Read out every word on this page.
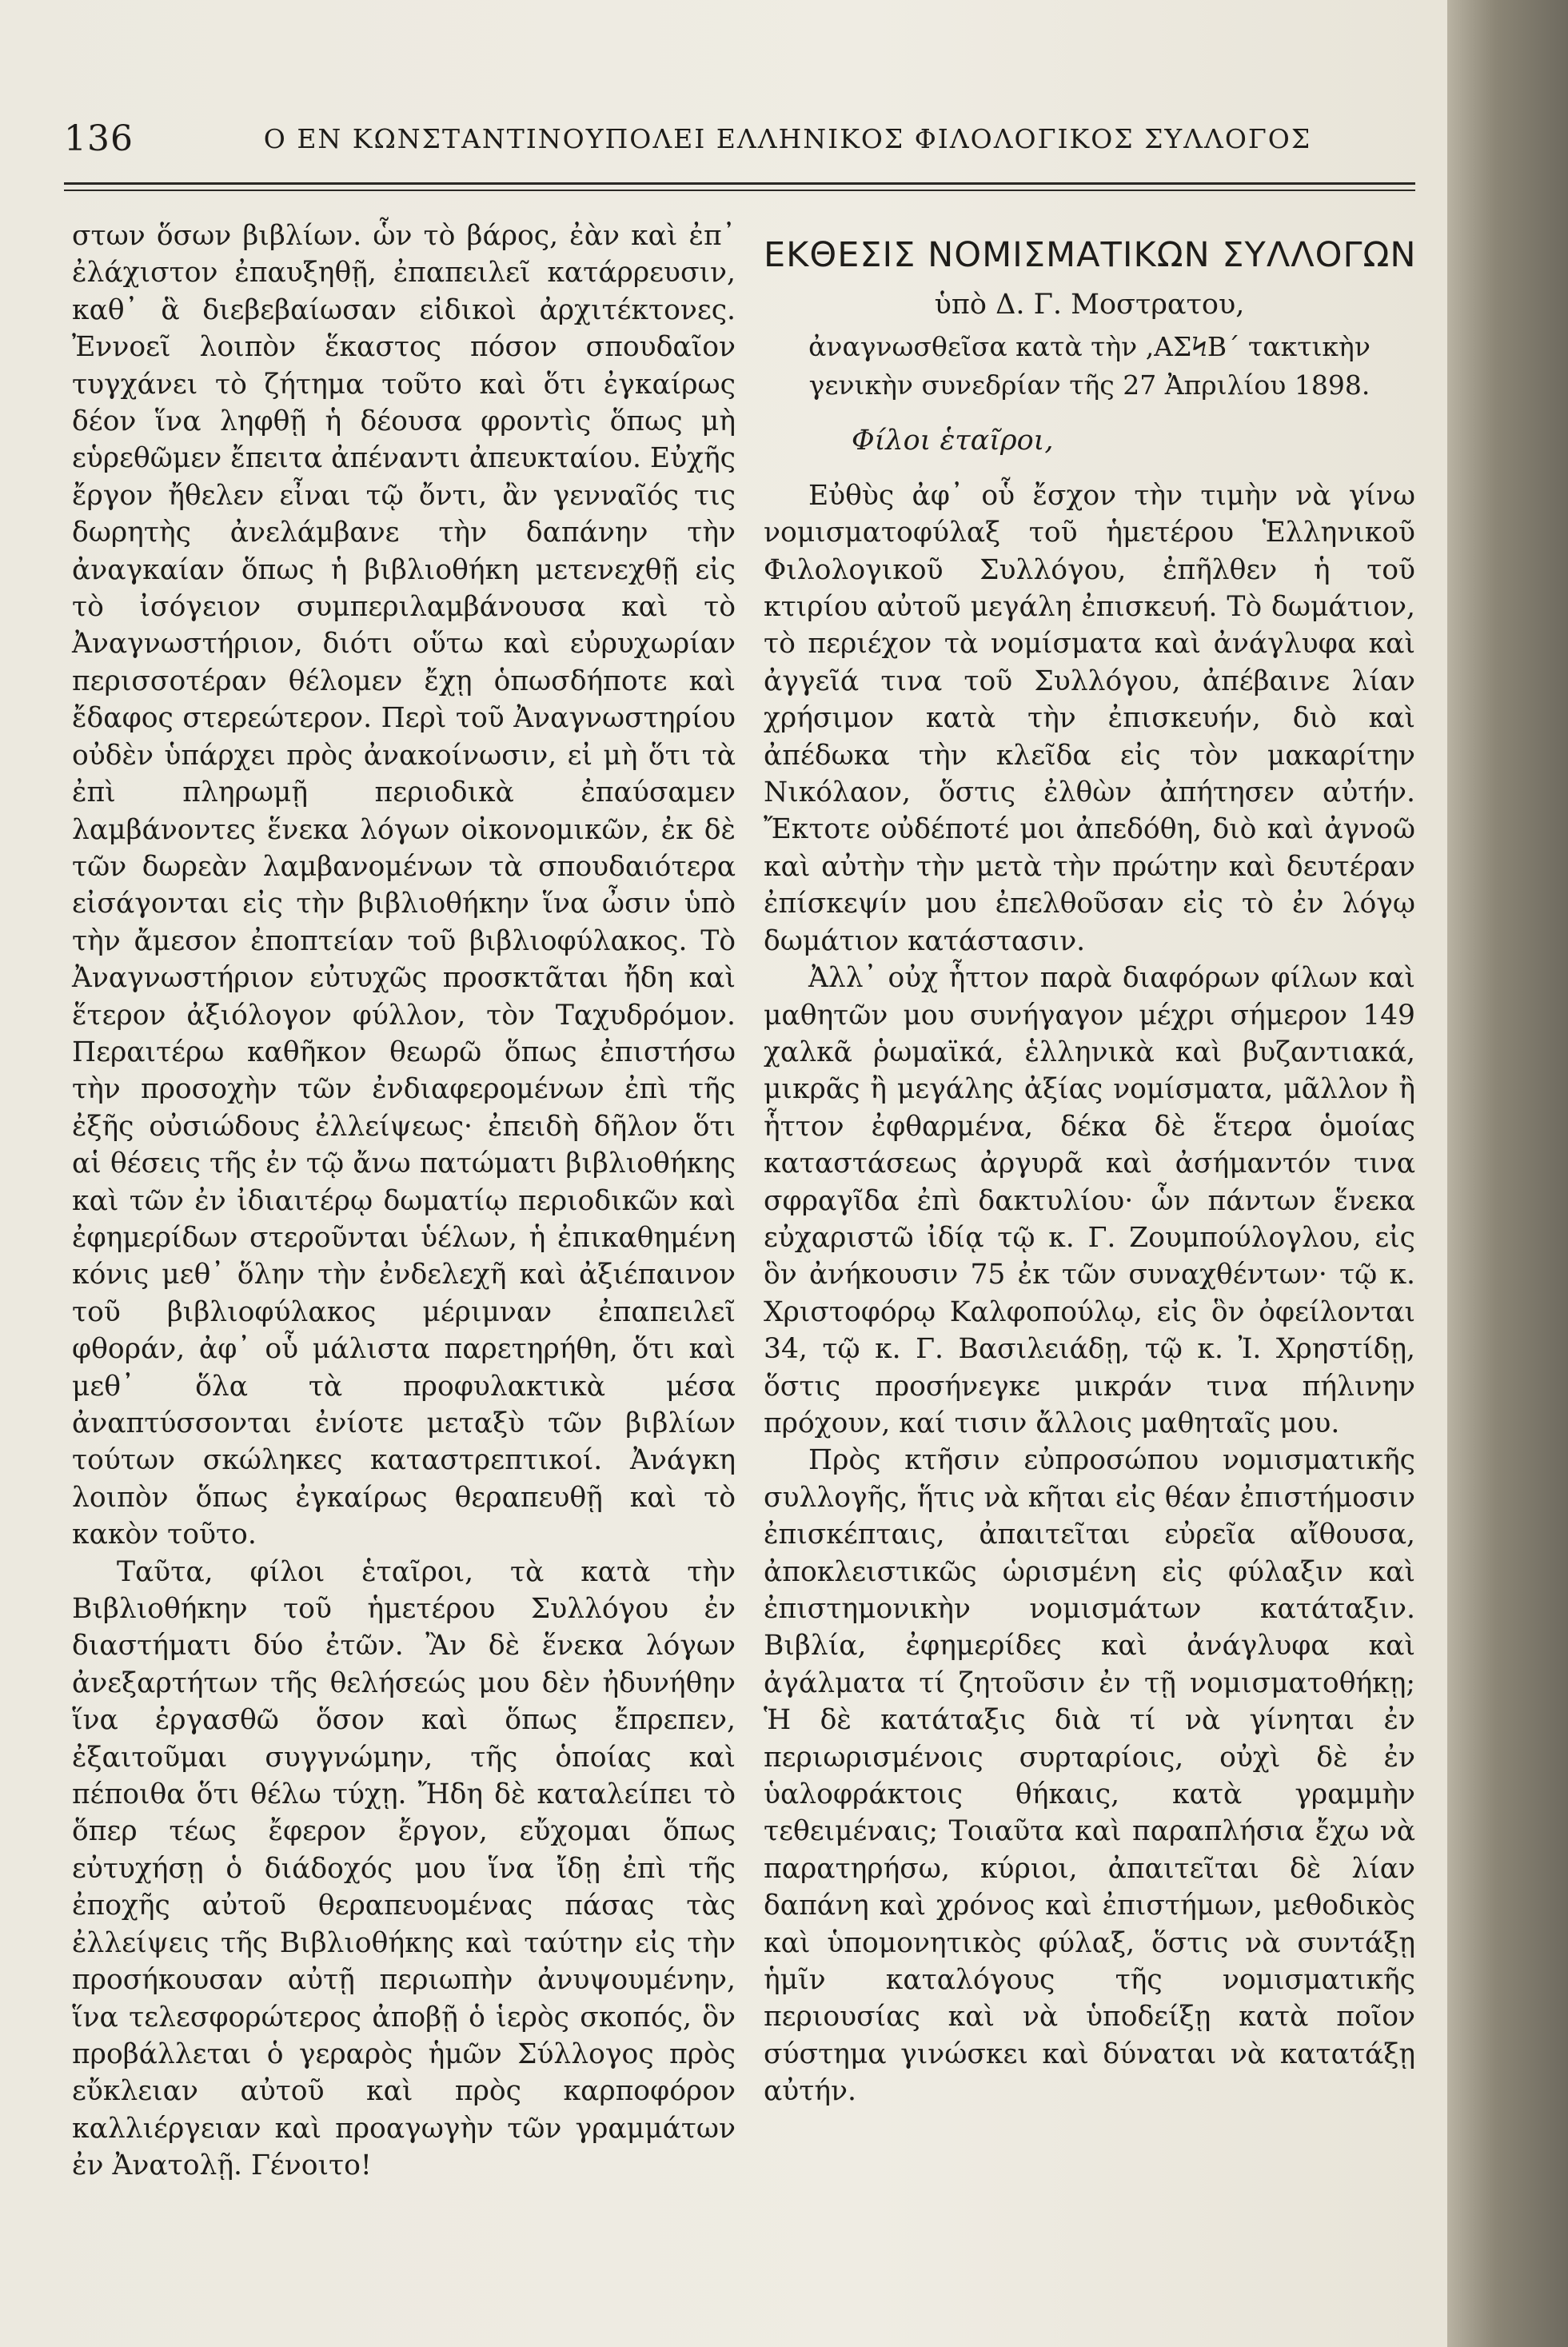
136	Ο ΕΝ ΚΩΝΣΤΑΝΤΙΝΟΥΠΟΛΕΙ ΕΛΛΗΝΙΚΟΣ ΦΙΛΟΛΟΓΙΚΟΣ ΣΥΛΛΟΓΟΣ

στων ὅσων βιβλίων. ὧν τὸ βάρος, ἐὰν καὶ ἐπ᾿ ἐλάχιστον ἐπαυξηθῇ, ἐπαπειλεῖ κατάρρευσιν, καθ᾿ ἃ διεβεβαίωσαν εἰδικοὶ ἀρχιτέκτονες. Ἐννοεῖ λοιπὸν ἕκαστος πόσον σπουδαῖον τυγχάνει τὸ ζήτημα τοῦτο καὶ ὅτι ἐγκαίρως δέον ἵνα ληφθῇ ἡ δέουσα φροντὶς ὅπως μὴ εὑρεθῶμεν ἔπειτα ἀπέναντι ἀπευκταίου. Εὐχῆς ἔργον ἤθελεν εἶναι τῷ ὄντι, ἂν γενναῖός τις δωρητὴς ἀνελάμβανε τὴν δαπάνην τὴν ἀναγκαίαν ὅπως ἡ βιβλιοθήκη μετενεχθῇ εἰς τὸ ἰσόγειον συμπεριλαμβάνουσα καὶ τὸ Ἀναγνωστήριον, διότι οὕτω καὶ εὐρυχωρίαν περισσοτέραν θέλομεν ἔχῃ ὁπωσδήποτε καὶ ἔδαφος στερεώτερον. Περὶ τοῦ Ἀναγνωστηρίου οὐδὲν ὑπάρχει πρὸς ἀνακοίνωσιν, εἰ μὴ ὅτι τὰ ἐπὶ πληρωμῇ περιοδικὰ ἐπαύσαμεν λαμβάνοντες ἕνεκα λόγων οἰκονομικῶν, ἐκ δὲ τῶν δωρεὰν λαμβανομένων τὰ σπουδαιότερα εἰσάγονται εἰς τὴν βιβλιοθήκην ἵνα ὦσιν ὑπὸ τὴν ἄμεσον ἐποπτείαν τοῦ βιβλιοφύλακος. Τὸ Ἀναγνωστήριον εὐτυχῶς προσκτᾶται ἤδη καὶ ἕτερον ἀξιόλογον φύλλον, τὸν Ταχυδρόμον. Περαιτέρω καθῆκον θεωρῶ ὅπως ἐπιστήσω τὴν προσοχὴν τῶν ἐνδιαφερομένων ἐπὶ τῆς ἐξῆς οὐσιώδους ἐλλείψεως· ἐπειδὴ δῆλον ὅτι αἱ θέσεις τῆς ἐν τῷ ἄνω πατώματι βιβλιοθήκης καὶ τῶν ἐν ἰδιαιτέρῳ δωματίῳ περιοδικῶν καὶ ἐφημερίδων στεροῦνται ὑέλων, ἡ ἐπικαθημένη κόνις μεθ᾿ ὅλην τὴν ἐνδελεχῆ καὶ ἀξιέπαινον τοῦ βιβλιοφύλακος μέριμναν ἐπαπειλεῖ φθοράν, ἀφ᾿ οὗ μάλιστα παρετηρήθη, ὅτι καὶ μεθ᾿ ὅλα τὰ προφυλακτικὰ μέσα ἀναπτύσσονται ἐνίοτε μεταξὺ τῶν βιβλίων τούτων σκώληκες καταστρεπτικοί. Ἀνάγκη λοιπὸν ὅπως ἐγκαίρως θεραπευθῇ καὶ τὸ κακὸν τοῦτο.

Ταῦτα, φίλοι ἑταῖροι, τὰ κατὰ τὴν Βιβλιοθήκην τοῦ ἡμετέρου Συλλόγου ἐν διαστήματι δύο ἐτῶν. Ἂν δὲ ἕνεκα λόγων ἀνεξαρτήτων τῆς θελήσεώς μου δὲν ἠδυνήθην ἵνα ἐργασθῶ ὅσον καὶ ὅπως ἔπρεπεν, ἐξαιτοῦμαι συγγνώμην, τῆς ὁποίας καὶ πέποιθα ὅτι θέλω τύχῃ. Ἤδη δὲ καταλείπει τὸ ὅπερ τέως ἔφερον ἔργον, εὔχομαι ὅπως εὐτυχήσῃ ὁ διάδοχός μου ἵνα ἴδῃ ἐπὶ τῆς ἐποχῆς αὐτοῦ θεραπευομένας πάσας τὰς ἐλλείψεις τῆς Βιβλιοθήκης καὶ ταύτην εἰς τὴν προσήκουσαν αὐτῇ περιωπὴν ἀνυψουμένην, ἵνα τελεσφορώτερος ἀποβῇ ὁ ἱερὸς σκοπός, ὃν προβάλλεται ὁ γεραρὸς ἡμῶν Σύλλογος πρὸς εὔκλειαν αὐτοῦ καὶ πρὸς καρποφόρον καλλιέργειαν καὶ προαγωγὴν τῶν γραμμάτων ἐν Ἀνατολῇ. Γένοιτο!

ΕΚΘΕΣΙΣ ΝΟΜΙΣΜΑΤΙΚΩΝ ΣΥΛΛΟΓΩΝ
ὑπὸ Δ. Γ. Μοστρατου,
ἀναγνωσθεῖσα κατὰ τὴν ,ΑΣϞΒ´ τακτικὴν γενικὴν συνεδρίαν τῆς 27 Ἀπριλίου 1898.
Φίλοι ἑταῖροι,

Εὐθὺς ἀφ᾿ οὗ ἔσχον τὴν τιμὴν νὰ γίνω νομισματοφύλαξ τοῦ ἡμετέρου Ἑλληνικοῦ Φιλολογικοῦ Συλλόγου, ἐπῆλθεν ἡ τοῦ κτιρίου αὐτοῦ μεγάλη ἐπισκευή. Τὸ δωμάτιον, τὸ περιέχον τὰ νομίσματα καὶ ἀνάγλυφα καὶ ἀγγεῖά τινα τοῦ Συλλόγου, ἀπέβαινε λίαν χρήσιμον κατὰ τὴν ἐπισκευήν, διὸ καὶ ἀπέδωκα τὴν κλεῖδα εἰς τὸν μακαρίτην Νικόλαον, ὅστις ἐλθὼν ἀπήτησεν αὐτήν. Ἔκτοτε οὐδέποτέ μοι ἀπεδόθη, διὸ καὶ ἀγνοῶ καὶ αὐτὴν τὴν μετὰ τὴν πρώτην καὶ δευτέραν ἐπίσκεψίν μου ἐπελθοῦσαν εἰς τὸ ἐν λόγῳ δωμάτιον κατάστασιν.

Ἀλλ᾿ οὐχ ἧττον παρὰ διαφόρων φίλων καὶ μαθητῶν μου συνήγαγον μέχρι σήμερον 149 χαλκᾶ ῥωμαϊκά, ἑλληνικὰ καὶ βυζαντιακά, μικρᾶς ἢ μεγάλης ἀξίας νομίσματα, μᾶλλον ἢ ἧττον ἐφθαρμένα, δέκα δὲ ἕτερα ὁμοίας καταστάσεως ἀργυρᾶ καὶ ἀσήμαντόν τινα σφραγῖδα ἐπὶ δακτυλίου· ὧν πάντων ἕνεκα εὐχαριστῶ ἰδίᾳ τῷ κ. Γ. Ζουμπούλογλου, εἰς ὃν ἀνήκουσιν 75 ἐκ τῶν συναχθέντων· τῷ κ. Χριστοφόρῳ Καλφοπούλῳ, εἰς ὃν ὀφείλονται 34, τῷ κ. Γ. Βασιλειάδῃ, τῷ κ. Ἰ. Χρηστίδῃ, ὅστις προσήνεγκε μικράν τινα πήλινην πρόχουν, καί τισιν ἄλλοις μαθηταῖς μου.

Πρὸς κτῆσιν εὐπροσώπου νομισματικῆς συλλογῆς, ἥτις νὰ κῆται εἰς θέαν ἐπιστήμοσιν ἐπισκέπταις, ἀπαιτεῖται εὐρεῖα αἴθουσα, ἀποκλειστικῶς ὡρισμένη εἰς φύλαξιν καὶ ἐπιστημονικὴν νομισμάτων κατάταξιν. Βιβλία, ἐφημερίδες καὶ ἀνάγλυφα καὶ ἀγάλματα τί ζητοῦσιν ἐν τῇ νομισματοθήκῃ; Ἡ δὲ κατάταξις διὰ τί νὰ γίνηται ἐν περιωρισμένοις συρταρίοις, οὐχὶ δὲ ἐν ὑαλοφράκτοις θήκαις, κατὰ γραμμὴν τεθειμέναις; Τοιαῦτα καὶ παραπλήσια ἔχω νὰ παρατηρήσω, κύριοι, ἀπαιτεῖται δὲ λίαν δαπάνη καὶ χρόνος καὶ ἐπιστήμων, μεθοδικὸς καὶ ὑπομονητικὸς φύλαξ, ὅστις νὰ συντάξῃ ἡμῖν καταλόγους τῆς νομισματικῆς περιουσίας καὶ νὰ ὑποδείξῃ κατὰ ποῖον σύστημα γινώσκει καὶ δύναται νὰ κατατάξῃ αὐτήν.
